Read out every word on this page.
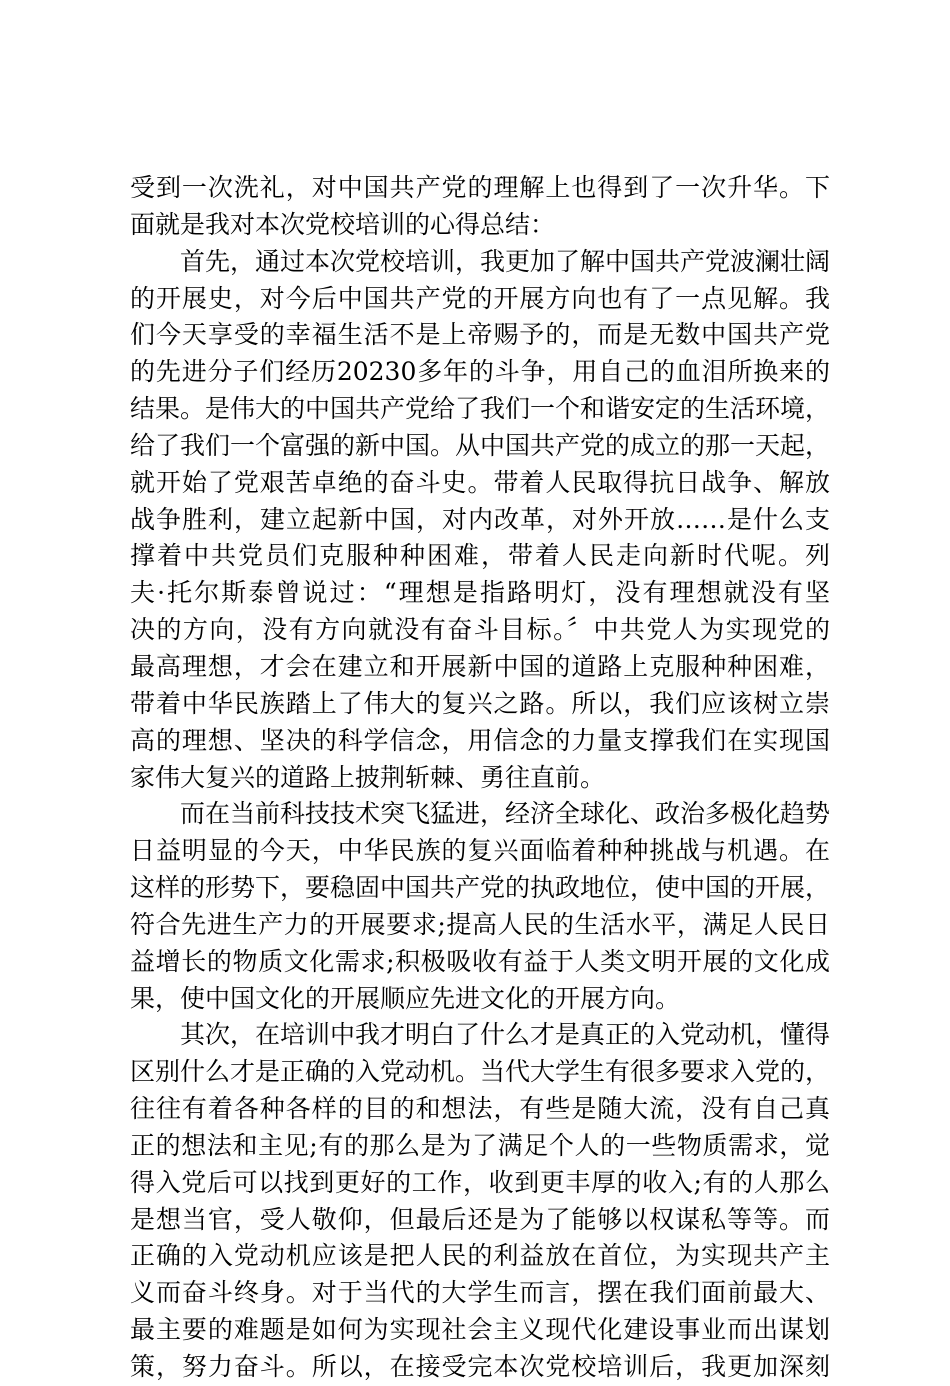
受到一次洗礼，对中国共产党的理解上也得到了一次升华。下
面就是我对本次党校培训的心得总结：
首先，通过本次党校培训，我更加了解中国共产党波澜壮阔
的开展史，对今后中国共产党的开展方向也有了一点见解。我
们今天享受的幸福生活不是上帝赐予的，而是无数中国共产党
的先进分子们经历20230多年的斗争，用自己的血泪所换来的
结果。是伟大的中国共产党给了我们一个和谐安定的生活环境，
给了我们一个富强的新中国。从中国共产党的成立的那一天起，
就开始了党艰苦卓绝的奋斗史。带着人民取得抗日战争、解放
战争胜利，建立起新中国，对内改革，对外开放……是什么支
撑着中共党员们克服种种困难，带着人民走向新时代呢。列
夫·托尔斯泰曾说过：“理想是指路明灯，没有理想就没有坚
决的方向，没有方向就没有奋斗目标。〞中共党人为实现党的
最高理想，才会在建立和开展新中国的道路上克服种种困难，
带着中华民族踏上了伟大的复兴之路。所以，我们应该树立崇
高的理想、坚决的科学信念，用信念的力量支撑我们在实现国
家伟大复兴的道路上披荆斩棘、勇往直前。
而在当前科技技术突飞猛进，经济全球化、政治多极化趋势
日益明显的今天，中华民族的复兴面临着种种挑战与机遇。在
这样的形势下，要稳固中国共产党的执政地位，使中国的开展，
符合先进生产力的开展要求;提高人民的生活水平，满足人民日
益增长的物质文化需求;积极吸收有益于人类文明开展的文化成
果，使中国文化的开展顺应先进文化的开展方向。
其次，在培训中我才明白了什么才是真正的入党动机，懂得
区别什么才是正确的入党动机。当代大学生有很多要求入党的，
往往有着各种各样的目的和想法，有些是随大流，没有自己真
正的想法和主见;有的那么是为了满足个人的一些物质需求，觉
得入党后可以找到更好的工作，收到更丰厚的收入;有的人那么
是想当官，受人敬仰，但最后还是为了能够以权谋私等等。而
正确的入党动机应该是把人民的利益放在首位，为实现共产主
义而奋斗终身。对于当代的大学生而言，摆在我们面前最大、
最主要的难题是如何为实现社会主义现代化建设事业而出谋划
策，努力奋斗。所以，在接受完本次党校培训后，我更加深刻
